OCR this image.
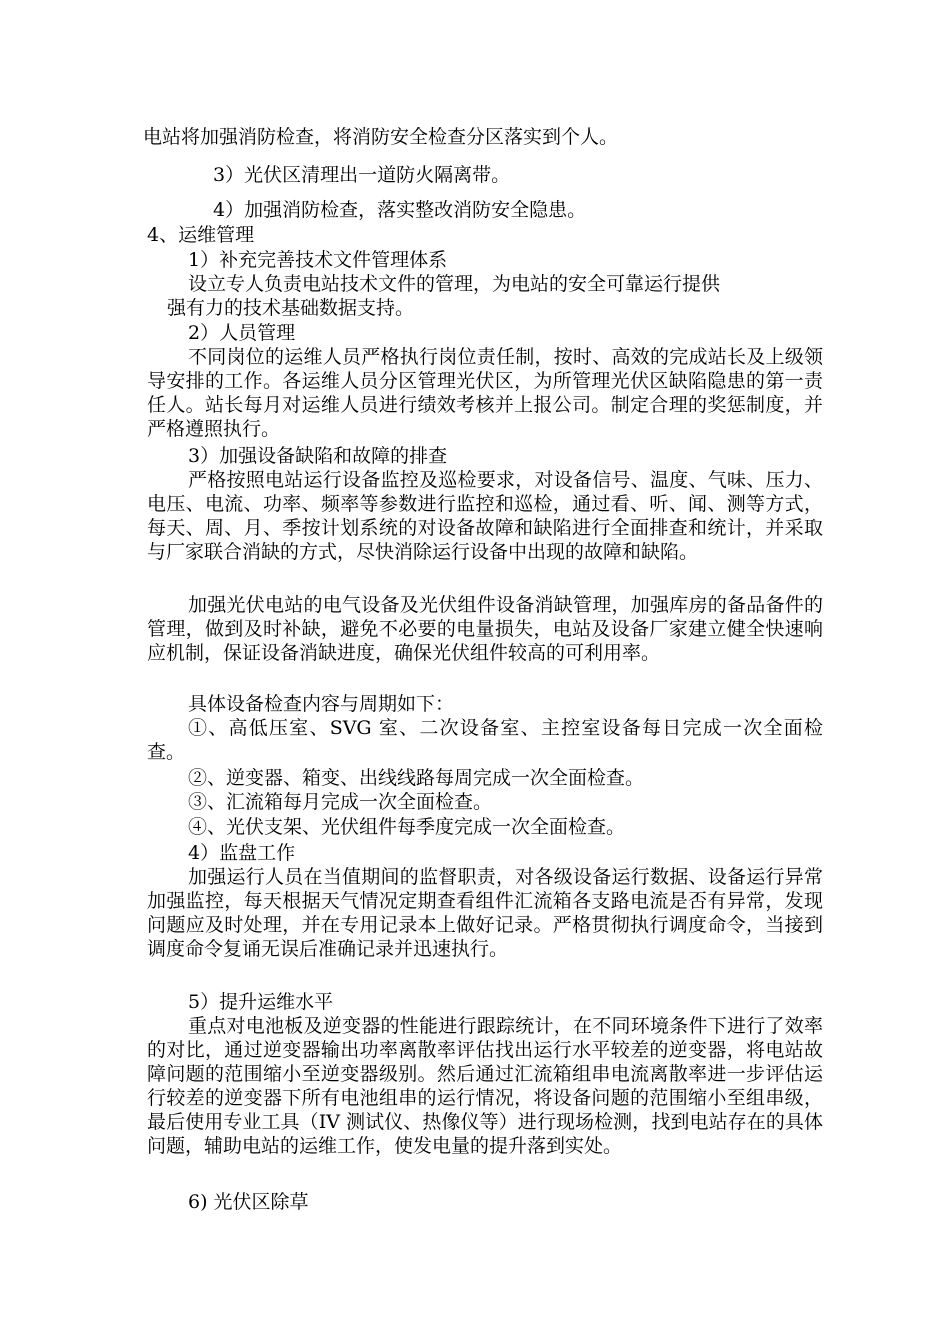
电站将加强消防检查，将消防安全检查分区落实到个人。
3）光伏区清理出一道防火隔离带。
4）加强消防检查，落实整改消防安全隐患。
4、运维管理
1）补充完善技术文件管理体系
设立专人负责电站技术文件的管理，为电站的安全可靠运行提供
强有力的技术基础数据支持。
2）人员管理
不同岗位的运维人员严格执行岗位责任制，按时、高效的完成站长及上级领导安排的工作。各运维人员分区管理光伏区，为所管理光伏区缺陷隐患的第一责任人。站长每月对运维人员进行绩效考核并上报公司。制定合理的奖惩制度，并严格遵照执行。
3）加强设备缺陷和故障的排查
严格按照电站运行设备监控及巡检要求，对设备信号、温度、气味、压力、电压、电流、功率、频率等参数进行监控和巡检，通过看、听、闻、测等方式，每天、周、月、季按计划系统的对设备故障和缺陷进行全面排查和统计，并采取与厂家联合消缺的方式，尽快消除运行设备中出现的故障和缺陷。
加强光伏电站的电气设备及光伏组件设备消缺管理，加强库房的备品备件的管理，做到及时补缺，避免不必要的电量损失，电站及设备厂家建立健全快速响应机制，保证设备消缺进度，确保光伏组件较高的可利用率。
具体设备检查内容与周期如下：
①、高低压室、SVG 室、二次设备室、主控室设备每日完成一次全面检查。
②、逆变器、箱变、出线线路每周完成一次全面检查。
③、汇流箱每月完成一次全面检查。
④、光伏支架、光伏组件每季度完成一次全面检查。
4）监盘工作
加强运行人员在当值期间的监督职责，对各级设备运行数据、设备运行异常加强监控，每天根据天气情况定期查看组件汇流箱各支路电流是否有异常，发现问题应及时处理，并在专用记录本上做好记录。严格贯彻执行调度命令，当接到调度命令复诵无误后准确记录并迅速执行。
5）提升运维水平
重点对电池板及逆变器的性能进行跟踪统计，在不同环境条件下进行了效率的对比，通过逆变器输出功率离散率评估找出运行水平较差的逆变器，将电站故障问题的范围缩小至逆变器级别。然后通过汇流箱组串电流离散率进一步评估运行较差的逆变器下所有电池组串的运行情况，将设备问题的范围缩小至组串级，最后使用专业工具（IV 测试仪、热像仪等）进行现场检测，找到电站存在的具体问题，辅助电站的运维工作，使发电量的提升落到实处。
6) 光伏区除草
